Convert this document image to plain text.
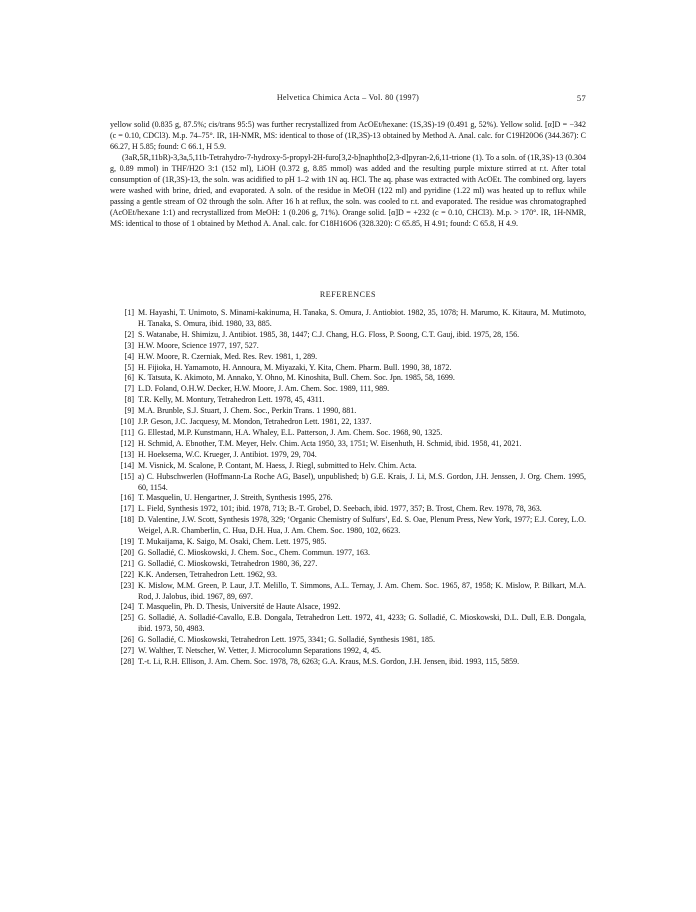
Helvetica Chimica Acta – Vol. 80 (1997)	57

yellow solid (0.835 g, 87.5%; cis/trans 95:5) was further recrystallized from AcOEt/hexane: (1S,3S)-19 (0.491 g, 52%). Yellow solid. [α]D = −342 (c = 0.10, CDCl3). M.p. 74–75°. IR, 1H-NMR, MS: identical to those of (1R,3S)-13 obtained by Method A. Anal. calc. for C19H20O6 (344.367): C 66.27, H 5.85; found: C 66.1, H 5.9.

(3aR,5R,11bR)-3,3a,5,11b-Tetrahydro-7-hydroxy-5-propyl-2H-furo[3,2-b]naphtho[2,3-d]pyran-2,6,11-trione (1). To a soln. of (1R,3S)-13 (0.304 g, 0.89 mmol) in THF/H2O 3:1 (152 ml), LiOH (0.372 g, 8.85 mmol) was added and the resulting purple mixture stirred at r.t. After total consumption of (1R,3S)-13, the soln. was acidified to pH 1–2 with 1N aq. HCl. The aq. phase was extracted with AcOEt. The combined org. layers were washed with brine, dried, and evaporated. A soln. of the residue in MeOH (122 ml) and pyridine (1.22 ml) was heated up to reflux while passing a gentle stream of O2 through the soln. After 16 h at reflux, the soln. was cooled to r.t. and evaporated. The residue was chromatographed (AcOEt/hexane 1:1) and recrystallized from MeOH: 1 (0.206 g, 71%). Orange solid. [α]D = +232 (c = 0.10, CHCl3). M.p. > 170°. IR, 1H-NMR, MS: identical to those of 1 obtained by Method A. Anal. calc. for C18H16O6 (328.320): C 65.85, H 4.91; found: C 65.8, H 4.9.

REFERENCES
[1] M. Hayashi, T. Unimoto, S. Minami-kakinuma, H. Tanaka, S. Omura, J. Antiobiot. 1982, 35, 1078; H. Marumo, K. Kitaura, M. Mutimoto, H. Tanaka, S. Omura, ibid. 1980, 33, 885.
[2] S. Watanabe, H. Shimizu, J. Antibiot. 1985, 38, 1447; C.J. Chang, H.G. Floss, P. Soong, C.T. Gauj, ibid. 1975, 28, 156.
[3] H.W. Moore, Science 1977, 197, 527.
[4] H.W. Moore, R. Czerniak, Med. Res. Rev. 1981, 1, 289.
[5] H. Fijioka, H. Yamamoto, H. Annoura, M. Miyazaki, Y. Kita, Chem. Pharm. Bull. 1990, 38, 1872.
[6] K. Tatsuta, K. Akimoto, M. Annako, Y. Ohno, M. Kinoshita, Bull. Chem. Soc. Jpn. 1985, 58, 1699.
[7] L.D. Foland, O.H.W. Decker, H.W. Moore, J. Am. Chem. Soc. 1989, 111, 989.
[8] T.R. Kelly, M. Montury, Tetrahedron Lett. 1978, 45, 4311.
[9] M.A. Brunble, S.J. Stuart, J. Chem. Soc., Perkin Trans. 1 1990, 881.
[10] J.P. Geson, J.C. Jacquesy, M. Mondon, Tetrahedron Lett. 1981, 22, 1337.
[11] G. Ellestad, M.P. Kunstmann, H.A. Whaley, E.L. Patterson, J. Am. Chem. Soc. 1968, 90, 1325.
[12] H. Schmid, A. Ebnother, T.M. Meyer, Helv. Chim. Acta 1950, 33, 1751; W. Eisenhuth, H. Schmid, ibid. 1958, 41, 2021.
[13] H. Hoeksema, W.C. Krueger, J. Antibiot. 1979, 29, 704.
[14] M. Visnick, M. Scalone, P. Contant, M. Haess, J. Riegl, submitted to Helv. Chim. Acta.
[15] a) C. Hubschwerlen (Hoffmann-La Roche AG, Basel), unpublished; b) G.E. Krais, J. Li, M.S. Gordon, J.H. Jenssen, J. Org. Chem. 1995, 60, 1154.
[16] T. Masquelin, U. Hengartner, J. Streith, Synthesis 1995, 276.
[17] L. Field, Synthesis 1972, 101; ibid. 1978, 713; B.-T. Grobel, D. Seebach, ibid. 1977, 357; B. Trost, Chem. Rev. 1978, 78, 363.
[18] D. Valentine, J.W. Scott, Synthesis 1978, 329; ‘Organic Chemistry of Sulfurs’, Ed. S. Oae, Plenum Press, New York, 1977; E.J. Corey, L.O. Weigel, A.R. Chamberlin, C. Hua, D.H. Hua, J. Am. Chem. Soc. 1980, 102, 6623.
[19] T. Mukaijama, K. Saigo, M. Osaki, Chem. Lett. 1975, 985.
[20] G. Solladié, C. Mioskowski, J. Chem. Soc., Chem. Commun. 1977, 163.
[21] G. Solladié, C. Mioskowski, Tetrahedron 1980, 36, 227.
[22] K.K. Andersen, Tetrahedron Lett. 1962, 93.
[23] K. Mislow, M.M. Green, P. Laur, J.T. Melillo, T. Simmons, A.L. Ternay, J. Am. Chem. Soc. 1965, 87, 1958; K. Mislow, P. Bilkart, M.A. Rod, J. Jalobus, ibid. 1967, 89, 697.
[24] T. Masquelin, Ph. D. Thesis, Université de Haute Alsace, 1992.
[25] G. Solladié, A. Solladié-Cavallo, E.B. Dongala, Tetrahedron Lett. 1972, 41, 4233; G. Solladié, C. Mioskowski, D.L. Dull, E.B. Dongala, ibid. 1973, 50, 4983.
[26] G. Solladié, C. Mioskowski, Tetrahedron Lett. 1975, 3341; G. Solladié, Synthesis 1981, 185.
[27] W. Walther, T. Netscher, W. Vetter, J. Microcolumn Separations 1992, 4, 45.
[28] T.-t. Li, R.H. Ellison, J. Am. Chem. Soc. 1978, 78, 6263; G.A. Kraus, M.S. Gordon, J.H. Jensen, ibid. 1993, 115, 5859.
